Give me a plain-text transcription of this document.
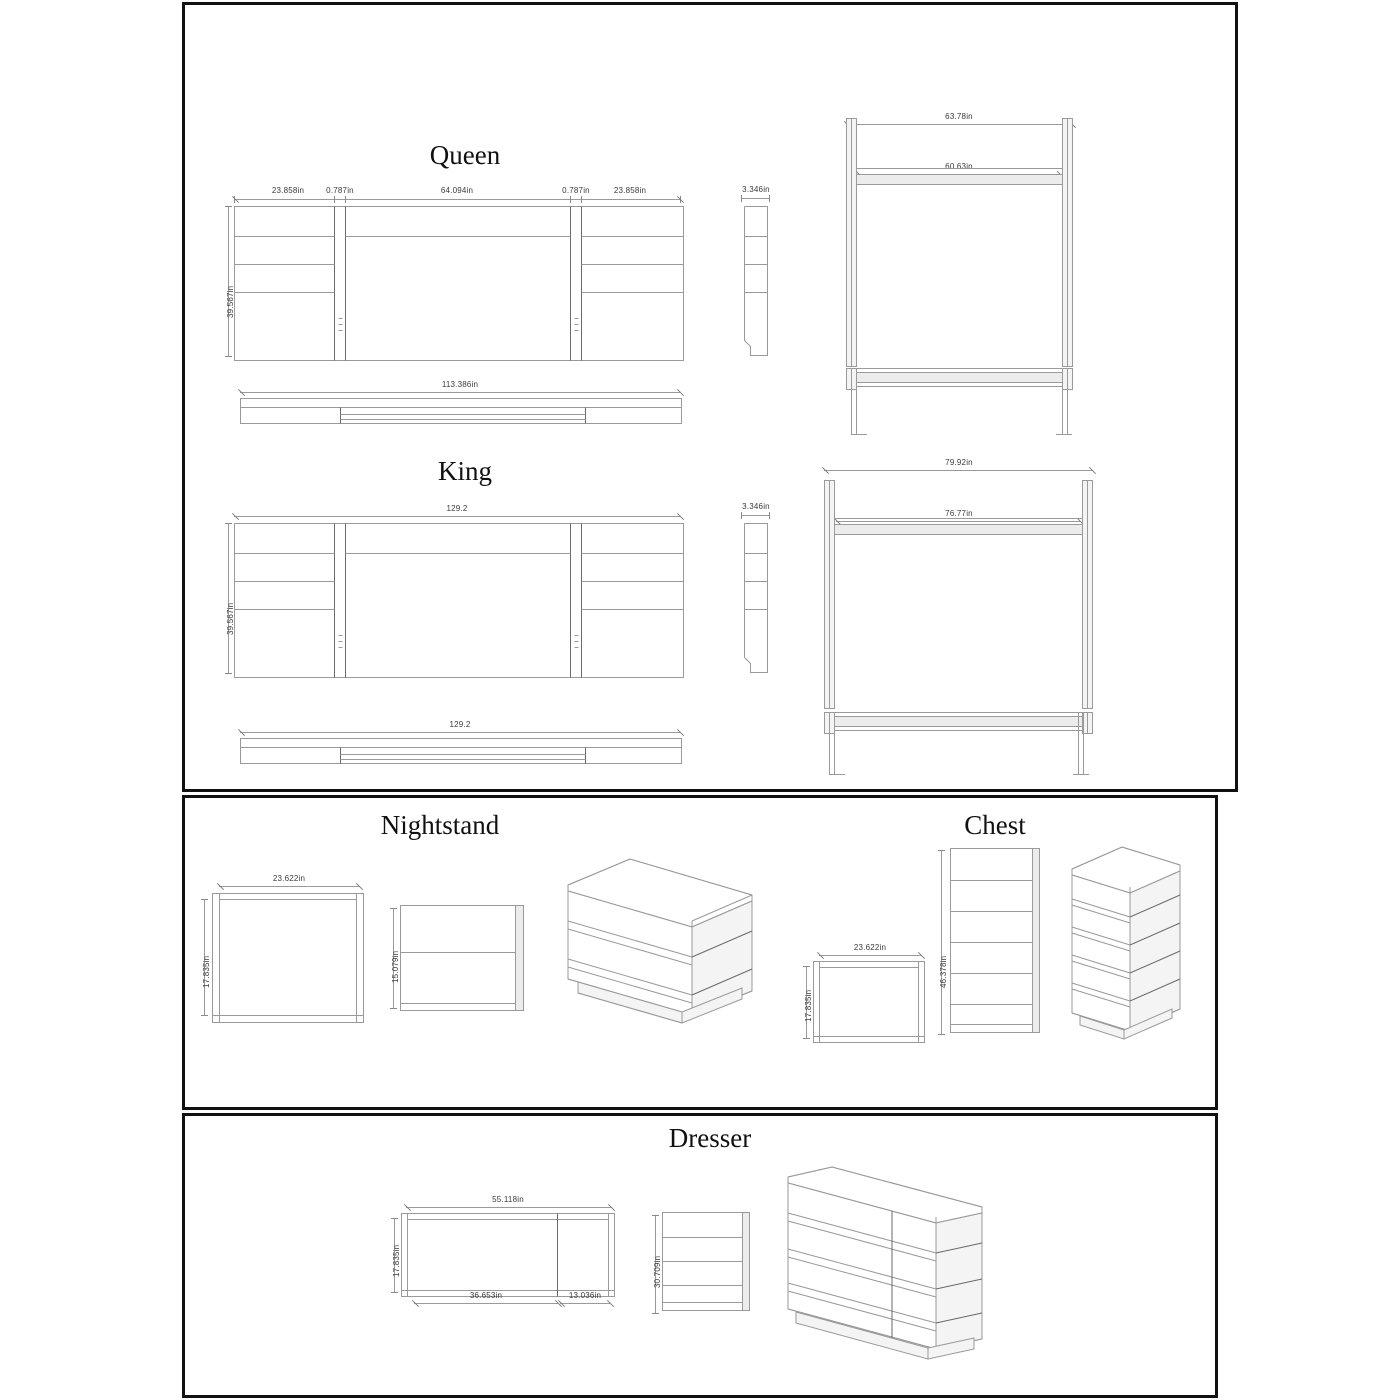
Queen
23.858in	0.787in	64.094in	0.787in	23.858in
39.567in
113.386in
3.346in
63.78in
60.63in
King
129.2
39.567in
129.2
3.346in
79.92in
76.77in
Nightstand	Chest
23.622in
17.835in	15.079in
23.622in
17.835in
46.378in
Dresser
55.118in
17.835in
36.653in	13.036in
30.709in
